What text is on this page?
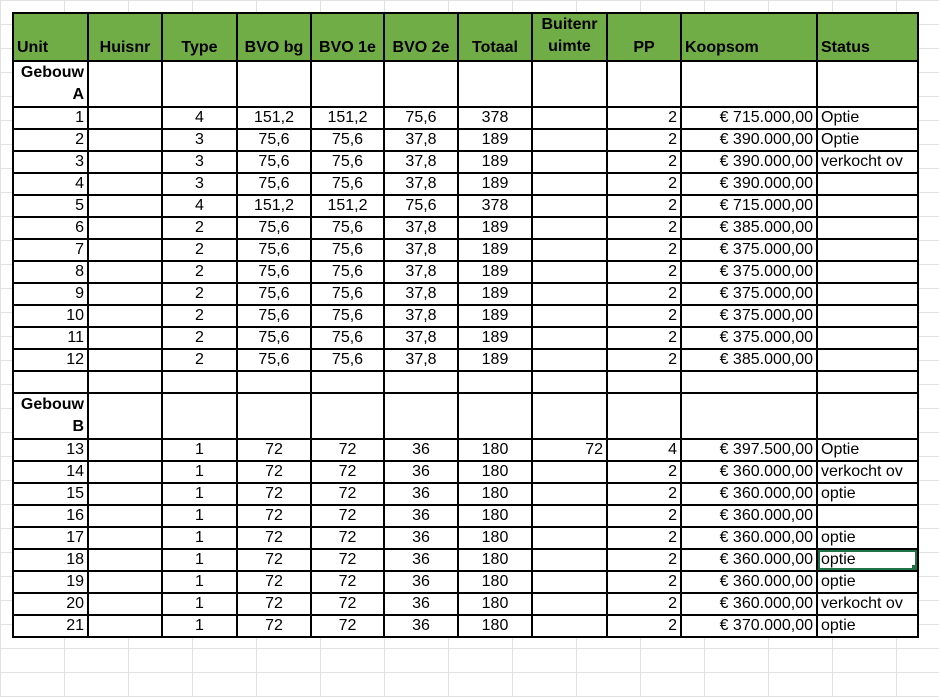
Unit	Huisnr	Type	BVO bg	BVO 1e	BVO 2e	Totaal	Buitenr uimte	PP	Koopsom	Status
Gebouw A										
1		4	151,2	151,2	75,6	378		2	€ 715.000,00	Optie
2		3	75,6	75,6	37,8	189		2	€ 390.000,00	Optie
3		3	75,6	75,6	37,8	189		2	€ 390.000,00	verkocht ov
4		3	75,6	75,6	37,8	189		2	€ 390.000,00	
5		4	151,2	151,2	75,6	378		2	€ 715.000,00	
6		2	75,6	75,6	37,8	189		2	€ 385.000,00	
7		2	75,6	75,6	37,8	189		2	€ 375.000,00	
8		2	75,6	75,6	37,8	189		2	€ 375.000,00	
9		2	75,6	75,6	37,8	189		2	€ 375.000,00	
10		2	75,6	75,6	37,8	189		2	€ 375.000,00	
11		2	75,6	75,6	37,8	189		2	€ 375.000,00	
12		2	75,6	75,6	37,8	189		2	€ 385.000,00	

Gebouw B										
13		1	72	72	36	180	72	4	€ 397.500,00	Optie
14		1	72	72	36	180		2	€ 360.000,00	verkocht ov
15		1	72	72	36	180		2	€ 360.000,00	optie
16		1	72	72	36	180		2	€ 360.000,00	
17		1	72	72	36	180		2	€ 360.000,00	optie
18		1	72	72	36	180		2	€ 360.000,00	optie

19		1	72	72	36	180		2	€ 360.000,00	optie
20		1	72	72	36	180		2	€ 360.000,00	verkocht ov
21		1	72	72	36	180		2	€ 370.000,00	optie
